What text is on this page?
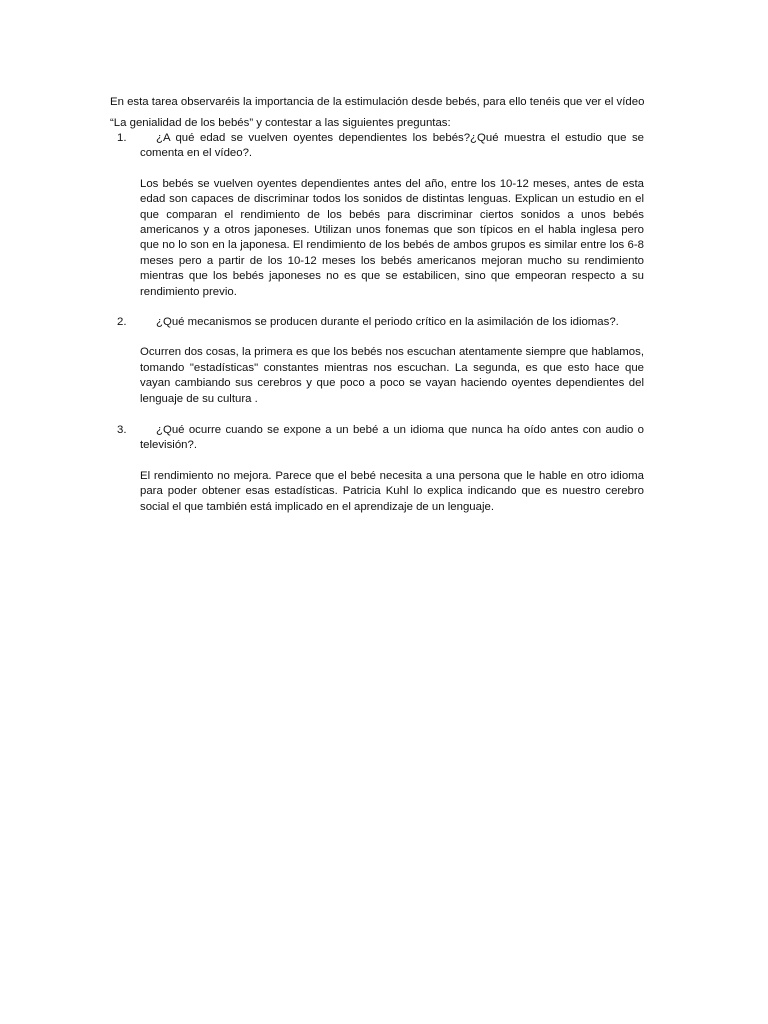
En esta tarea observaréis la importancia de la estimulación desde bebés, para ello tenéis que ver el vídeo

“La genialidad de los bebés” y contestar a las siguientes preguntas:

1.	¿A qué edad se vuelven oyentes dependientes los bebés?¿Qué muestra el estudio que se comenta en el vídeo?.

Los bebés se vuelven oyentes dependientes antes del año, entre los 10-12 meses, antes de esta edad son capaces de discriminar todos los sonidos de distintas lenguas. Explican un estudio en el que comparan el rendimiento de los bebés para discriminar ciertos sonidos a unos bebés americanos y a otros japoneses. Utilizan unos fonemas que son típicos en el habla inglesa pero que no lo son en la japonesa. El rendimiento de los bebés de ambos grupos es similar entre los 6-8 meses pero a partir de los 10-12 meses los bebés americanos mejoran mucho su rendimiento mientras que los bebés japoneses no es que se estabilicen, sino que empeoran respecto a su rendimiento previo.

2.	¿Qué mecanismos se producen durante el periodo crítico en la asimilación de los idiomas?.

Ocurren dos cosas, la primera es que los bebés nos escuchan atentamente siempre que hablamos, tomando "estadísticas" constantes mientras nos escuchan. La segunda, es que esto hace que vayan cambiando sus cerebros y que poco a poco se vayan haciendo oyentes dependientes del lenguaje de su cultura .

3.	¿Qué ocurre cuando se expone a un bebé a un idioma que nunca ha oído antes con audio o televisión?.

El rendimiento no mejora. Parece que el bebé necesita a una persona que le hable en otro idioma para poder obtener esas estadísticas. Patricia Kuhl lo explica indicando que es nuestro cerebro social el que también está implicado en el aprendizaje de un lenguaje.
